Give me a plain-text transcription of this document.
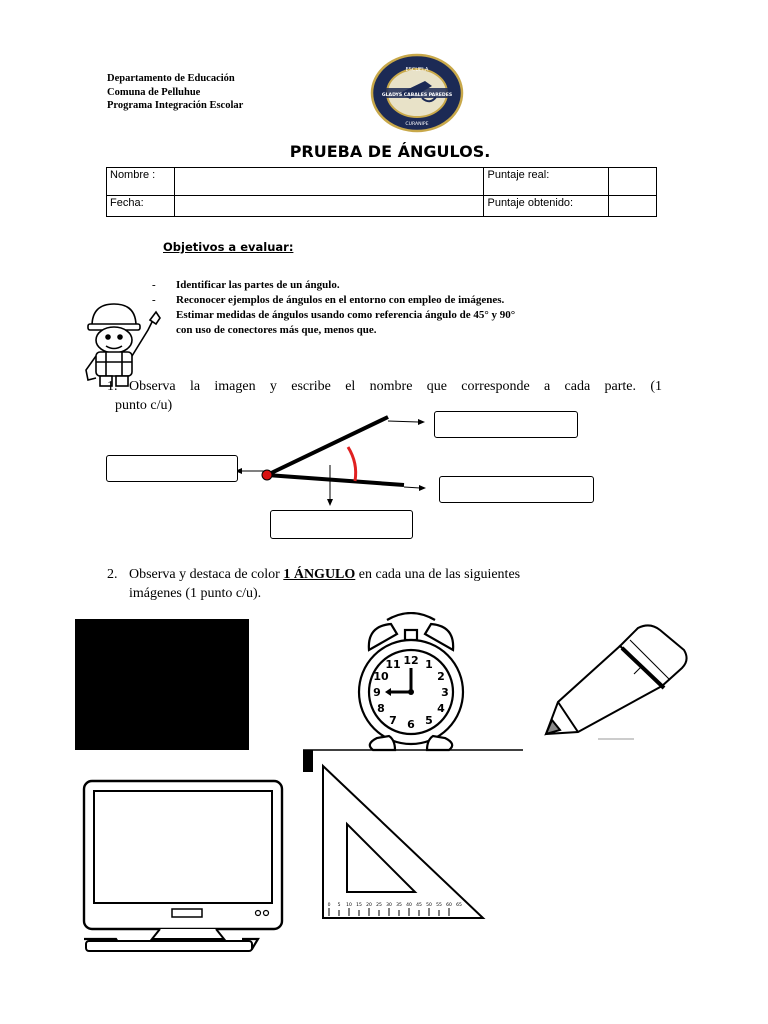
Departamento de Educación
Comuna de Pelluhue
Programa Integración Escolar
ESCUELA
GLADYS CABALES PAREDES
CURANIPE
PRUEBA DE ÁNGULOS.
Nombre :		Puntaje real:	
Fecha:		Puntaje obtenido:	
Objetivos a evaluar:
-	Identificar las partes de un ángulo.
-	Reconocer ejemplos de ángulos en el entorno con empleo de imágenes.
Estimar medidas de ángulos usando como referencia ángulo de 45° y 90°
con uso de conectores más que, menos que.
1. Observa la imagen y escribe el nombre que corresponde a cada parte. (1
punto c/u)
2. Observa y destaca de color 1 ÁNGULO en cada una de las siguientes
imágenes (1 punto c/u).
12 1
2
3
4
5
6
7
8
9
10
11
0 5 10 15 20 25 30 35 40 45 50 55 60 65
